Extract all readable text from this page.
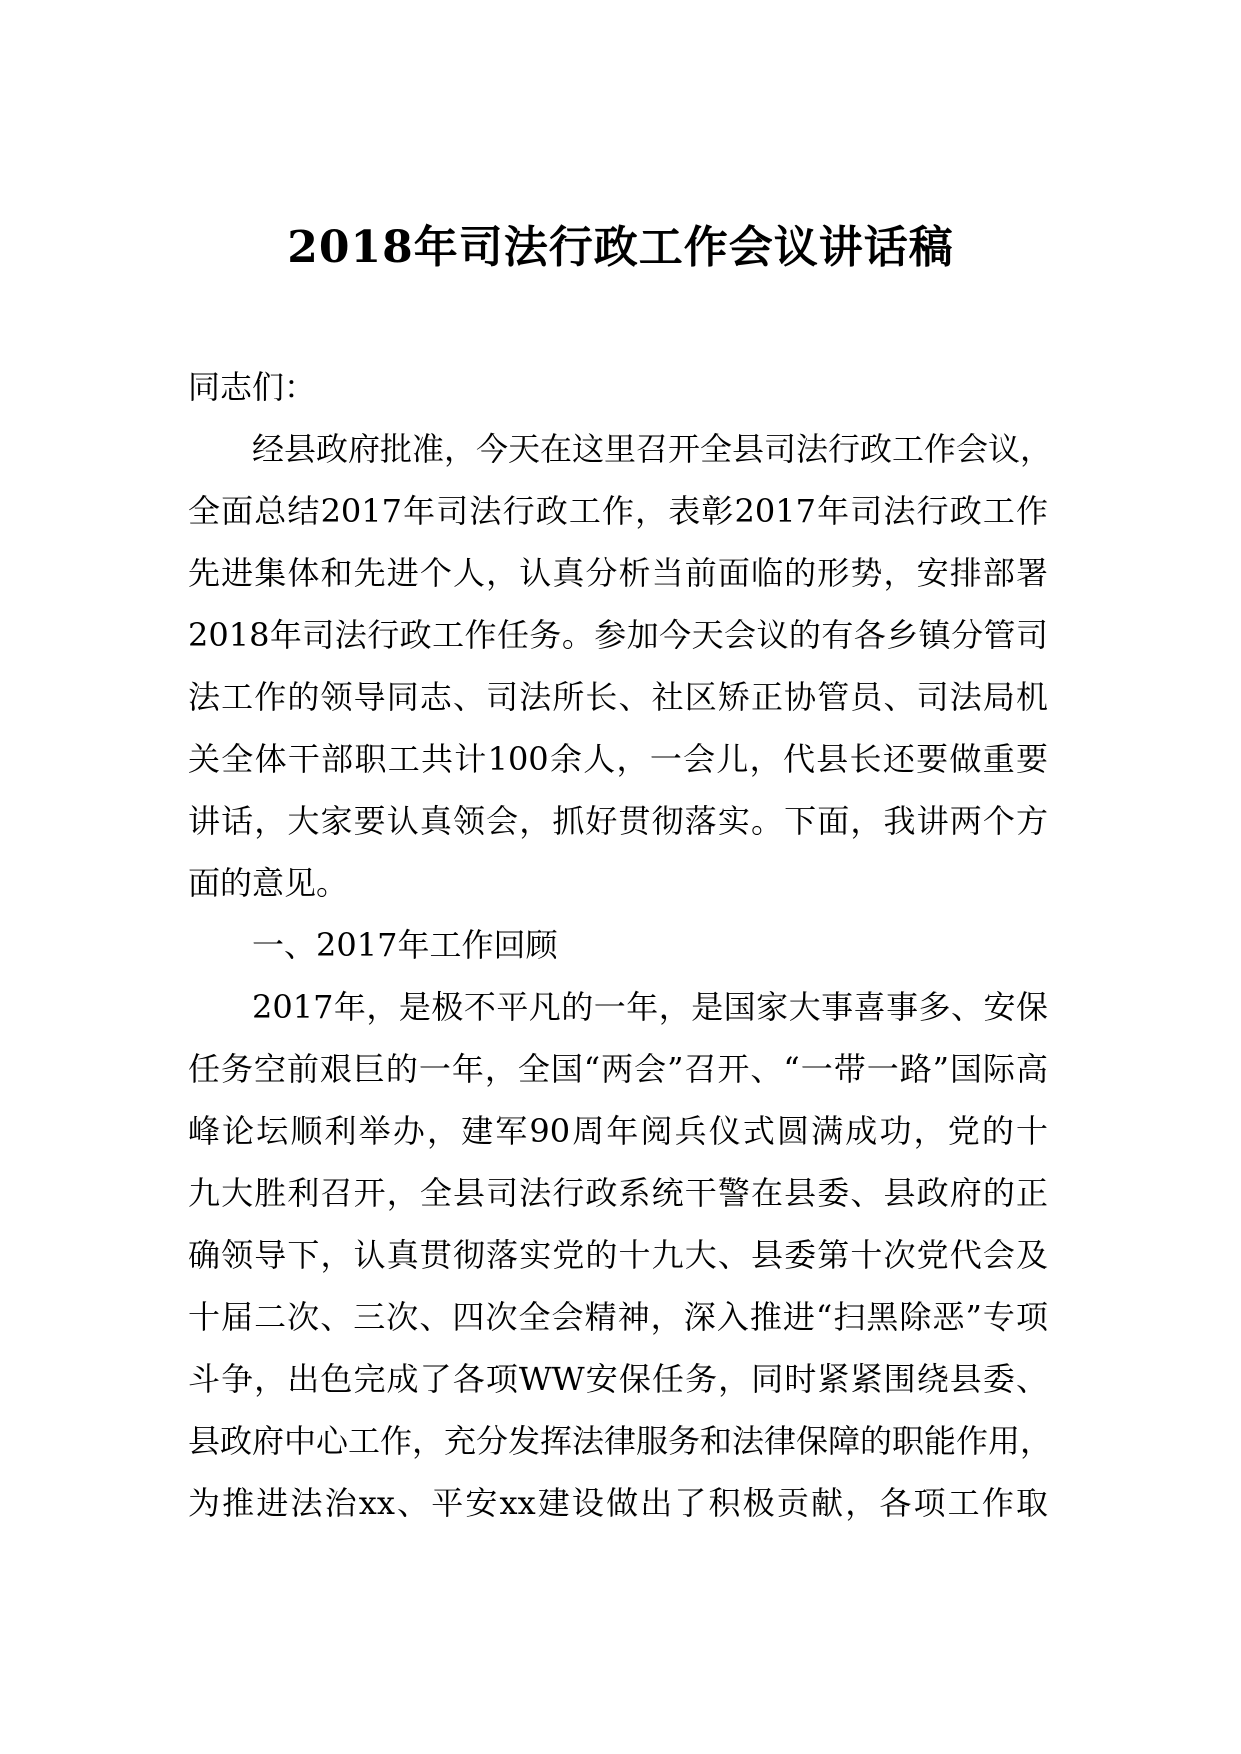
2018年司法行政工作会议讲话稿
同志们：
经县政府批准，今天在这里召开全县司法行政工作会议，
全面总结2017年司法行政工作，表彰2017年司法行政工作
先进集体和先进个人，认真分析当前面临的形势，安排部署
2018年司法行政工作任务。参加今天会议的有各乡镇分管司
法工作的领导同志、司法所长、社区矫正协管员、司法局机
关全体干部职工共计100余人，一会儿，代县长还要做重要
讲话，大家要认真领会，抓好贯彻落实。下面，我讲两个方
面的意见。
一、2017年工作回顾
2017年，是极不平凡的一年，是国家大事喜事多、安保
任务空前艰巨的一年，全国“两会”召开、“一带一路”国际高
峰论坛顺利举办，建军90周年阅兵仪式圆满成功，党的十
九大胜利召开，全县司法行政系统干警在县委、县政府的正
确领导下，认真贯彻落实党的十九大、县委第十次党代会及
十届二次、三次、四次全会精神，深入推进“扫黑除恶”专项
斗争，出色完成了各项WW安保任务，同时紧紧围绕县委、
县政府中心工作，充分发挥法律服务和法律保障的职能作用，
为推进法治xx、平安xx建设做出了积极贡献，各项工作取
